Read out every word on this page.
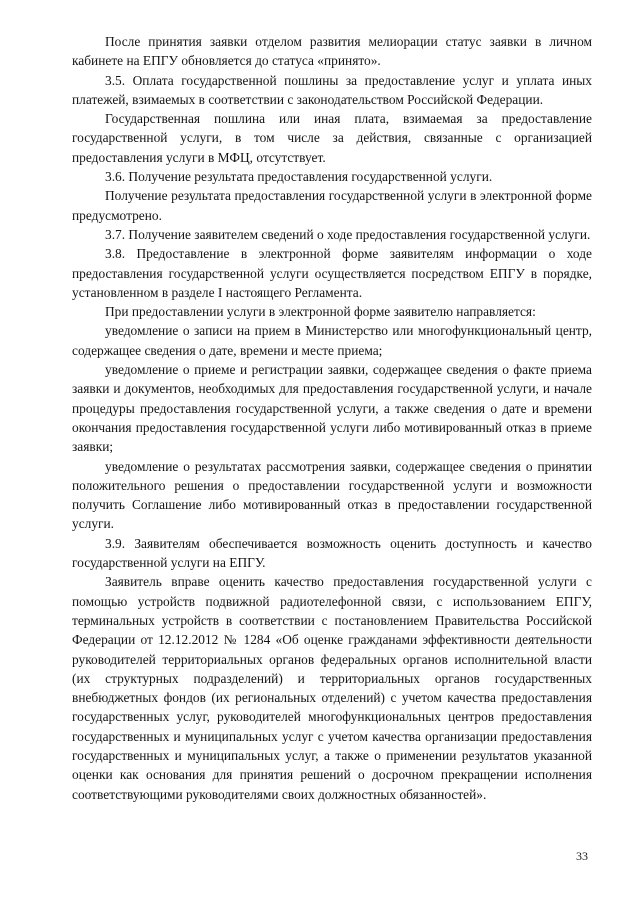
После принятия заявки отделом развития мелиорации статус заявки в личном кабинете на ЕПГУ обновляется до статуса «принято».

3.5. Оплата государственной пошлины за предоставление услуг и уплата иных платежей, взимаемых в соответствии с законодательством Российской Федерации.

Государственная пошлина или иная плата, взимаемая за предоставление государственной услуги, в том числе за действия, связанные с организацией предоставления услуги в МФЦ, отсутствует.

3.6. Получение результата предоставления государственной услуги.

Получение результата предоставления государственной услуги в электронной форме предусмотрено.

3.7. Получение заявителем сведений о ходе предоставления государственной услуги.

3.8. Предоставление в электронной форме заявителям информации о ходе предоставления государственной услуги осуществляется посредством ЕПГУ в порядке, установленном в разделе I настоящего Регламента.

При предоставлении услуги в электронной форме заявителю направляется:

уведомление о записи на прием в Министерство или многофункциональный центр, содержащее сведения о дате, времени и месте приема;

уведомление о приеме и регистрации заявки, содержащее сведения о факте приема заявки и документов, необходимых для предоставления государственной услуги, и начале процедуры предоставления государственной услуги, а также сведения о дате и времени окончания предоставления государственной услуги либо мотивированный отказ в приеме заявки;

уведомление о результатах рассмотрения заявки, содержащее сведения о принятии положительного решения о предоставлении государственной услуги и возможности получить Соглашение либо мотивированный отказ в предоставлении государственной услуги.

3.9. Заявителям обеспечивается возможность оценить доступность и качество государственной услуги на ЕПГУ.

Заявитель вправе оценить качество предоставления государственной услуги с помощью устройств подвижной радиотелефонной связи, с использованием ЕПГУ, терминальных устройств в соответствии с постановлением Правительства Российской Федерации от 12.12.2012 № 1284 «Об оценке гражданами эффективности деятельности руководителей территориальных органов федеральных органов исполнительной власти (их структурных подразделений) и территориальных органов государственных внебюджетных фондов (их региональных отделений) с учетом качества предоставления государственных услуг, руководителей многофункциональных центров предоставления государственных и муниципальных услуг с учетом качества организации предоставления государственных и муниципальных услуг, а также о применении результатов указанной оценки как основания для принятия решений о досрочном прекращении исполнения соответствующими руководителями своих должностных обязанностей».

33
